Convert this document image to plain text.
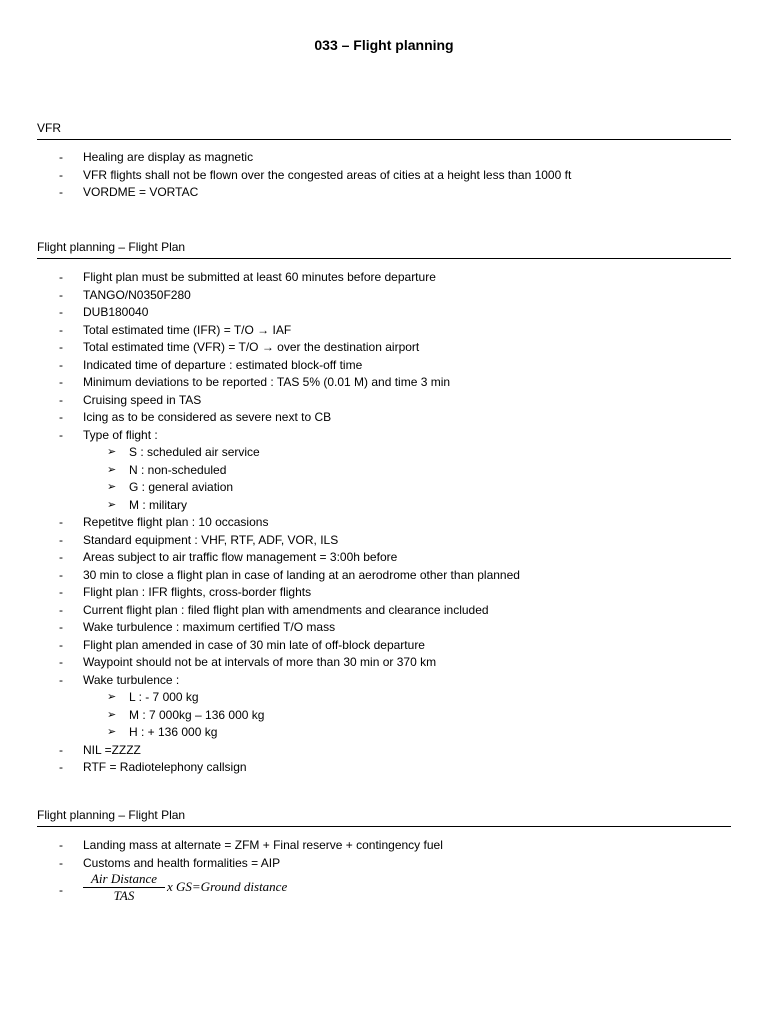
033 – Flight planning
VFR
- Healing are display as magnetic
- VFR flights shall not be flown over the congested areas of cities at a height less than 1000 ft
- VORDME = VORTAC
Flight planning – Flight Plan
- Flight plan must be submitted at least 60 minutes before departure
- TANGO/N0350F280
- DUB180040
- Total estimated time (IFR) = T/O → IAF
- Total estimated time (VFR) = T/O → over the destination airport
- Indicated time of departure : estimated block-off time
- Minimum deviations to be reported : TAS 5% (0.01 M) and time 3 min
- Cruising speed in TAS
- Icing as to be considered as severe next to CB
- Type of flight :
➢ S : scheduled air service
➢ N : non-scheduled
➢ G : general aviation
➢ M : military
- Repetitve flight plan : 10 occasions
- Standard equipment : VHF, RTF, ADF, VOR, ILS
- Areas subject to air traffic flow management = 3:00h before
- 30 min to close a flight plan in case of landing at an aerodrome other than planned
- Flight plan : IFR flights, cross-border flights
- Current flight plan : filed flight plan with amendments and clearance included
- Wake turbulence : maximum certified T/O mass
- Flight plan amended in case of 30 min late of off-block departure
- Waypoint should not be at intervals of more than 30 min or 370 km
- Wake turbulence :
➢ L : - 7 000 kg
➢ M : 7 000kg – 136 000 kg
➢ H : + 136 000 kg
- NIL =ZZZZ
- RTF = Radiotelephony callsign
Flight planning – Flight Plan
- Landing mass at alternate = ZFM + Final reserve + contingency fuel
- Customs and health formalities = AIP
-
Air Distance
TAS
x GS=Ground distance
